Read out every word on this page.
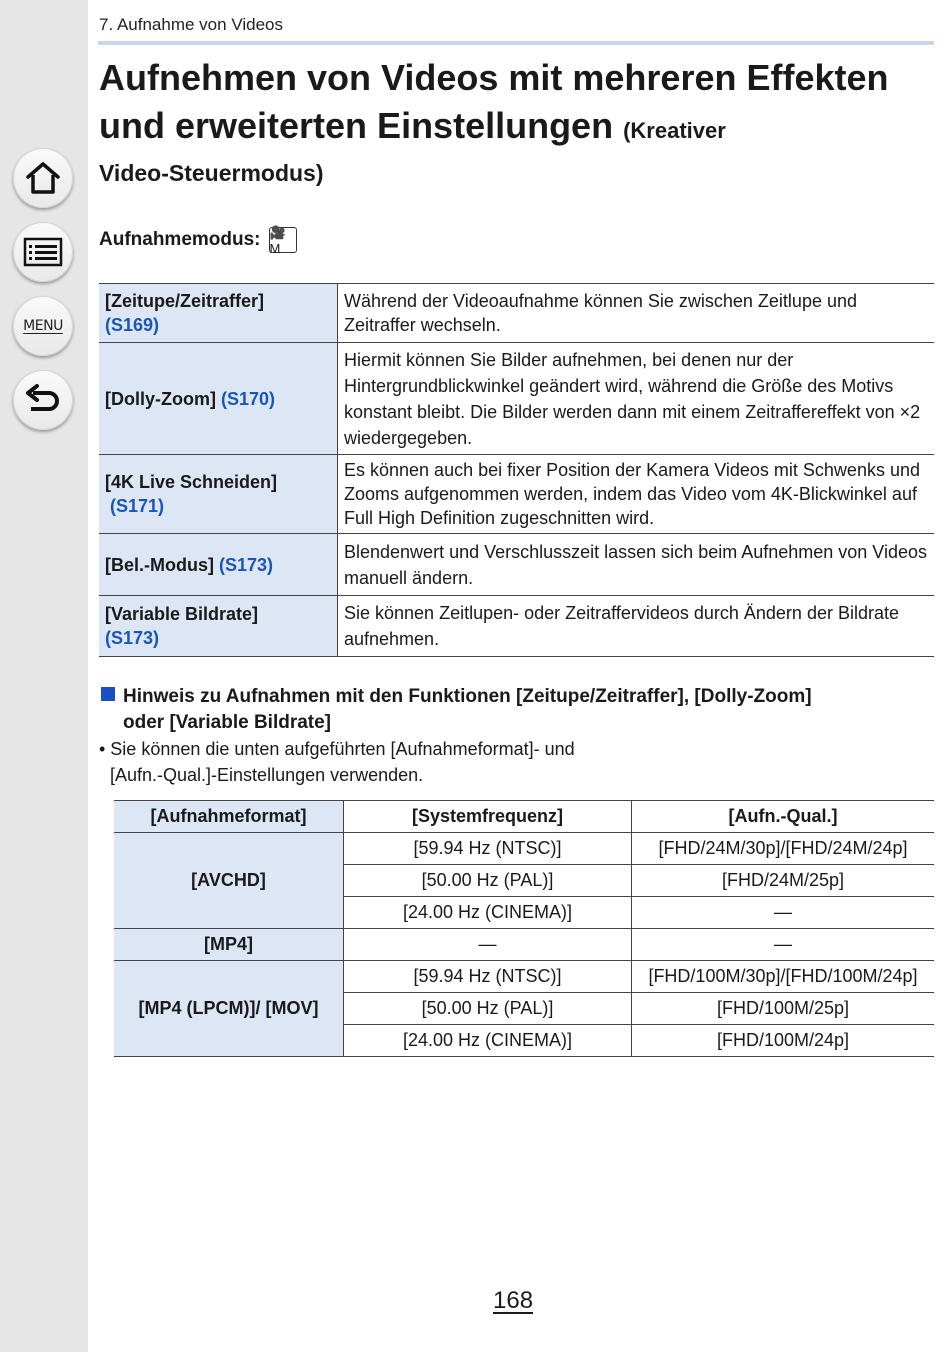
MENU
7. Aufnahme von Videos
Aufnehmen von Videos mit mehreren Effekten und erweiterten Einstellungen (Kreativer
Video-Steuermodus)
Aufnahmemodus: 🎥M
[Zeitupe/Zeitraffer]
(S169)	Während der Videoaufnahme können Sie zwischen Zeitlupe und Zeitraffer wechseln.
[Dolly-Zoom] (S170)	Hiermit können Sie Bilder aufnehmen, bei denen nur der Hintergrundblickwinkel geändert wird, während die Größe des Motivs konstant bleibt. Die Bilder werden dann mit einem Zeitraffereffekt von ×2 wiedergegeben.
[4K Live Schneiden]
(S171)	Es können auch bei fixer Position der Kamera Videos mit Schwenks und Zooms aufgenommen werden, indem das Video vom 4K-Blickwinkel auf Full High Definition zugeschnitten wird.
[Bel.-Modus] (S173)	Blendenwert und Verschlusszeit lassen sich beim Aufnehmen von Videos manuell ändern.
[Variable Bildrate]
(S173)	Sie können Zeitlupen- oder Zeitraffervideos durch Ändern der Bildrate aufnehmen.
Hinweis zu Aufnahmen mit den Funktionen [Zeitupe/Zeitraffer], [Dolly-Zoom]
oder [Variable Bildrate]
• Sie können die unten aufgeführten [Aufnahmeformat]- und
[Aufn.-Qual.]-Einstellungen verwenden.
[Aufnahmeformat]	[Systemfrequenz]	[Aufn.-Qual.]
[AVCHD]	[59.94 Hz (NTSC)]	[FHD/24M/30p]/[FHD/24M/24p]
	[50.00 Hz (PAL)]	[FHD/24M/25p]
	[24.00 Hz (CINEMA)]	—
[MP4]	—	—
[MP4 (LPCM)]/ [MOV]	[59.94 Hz (NTSC)]	[FHD/100M/30p]/[FHD/100M/24p]
	[50.00 Hz (PAL)]	[FHD/100M/25p]
	[24.00 Hz (CINEMA)]	[FHD/100M/24p]
168
